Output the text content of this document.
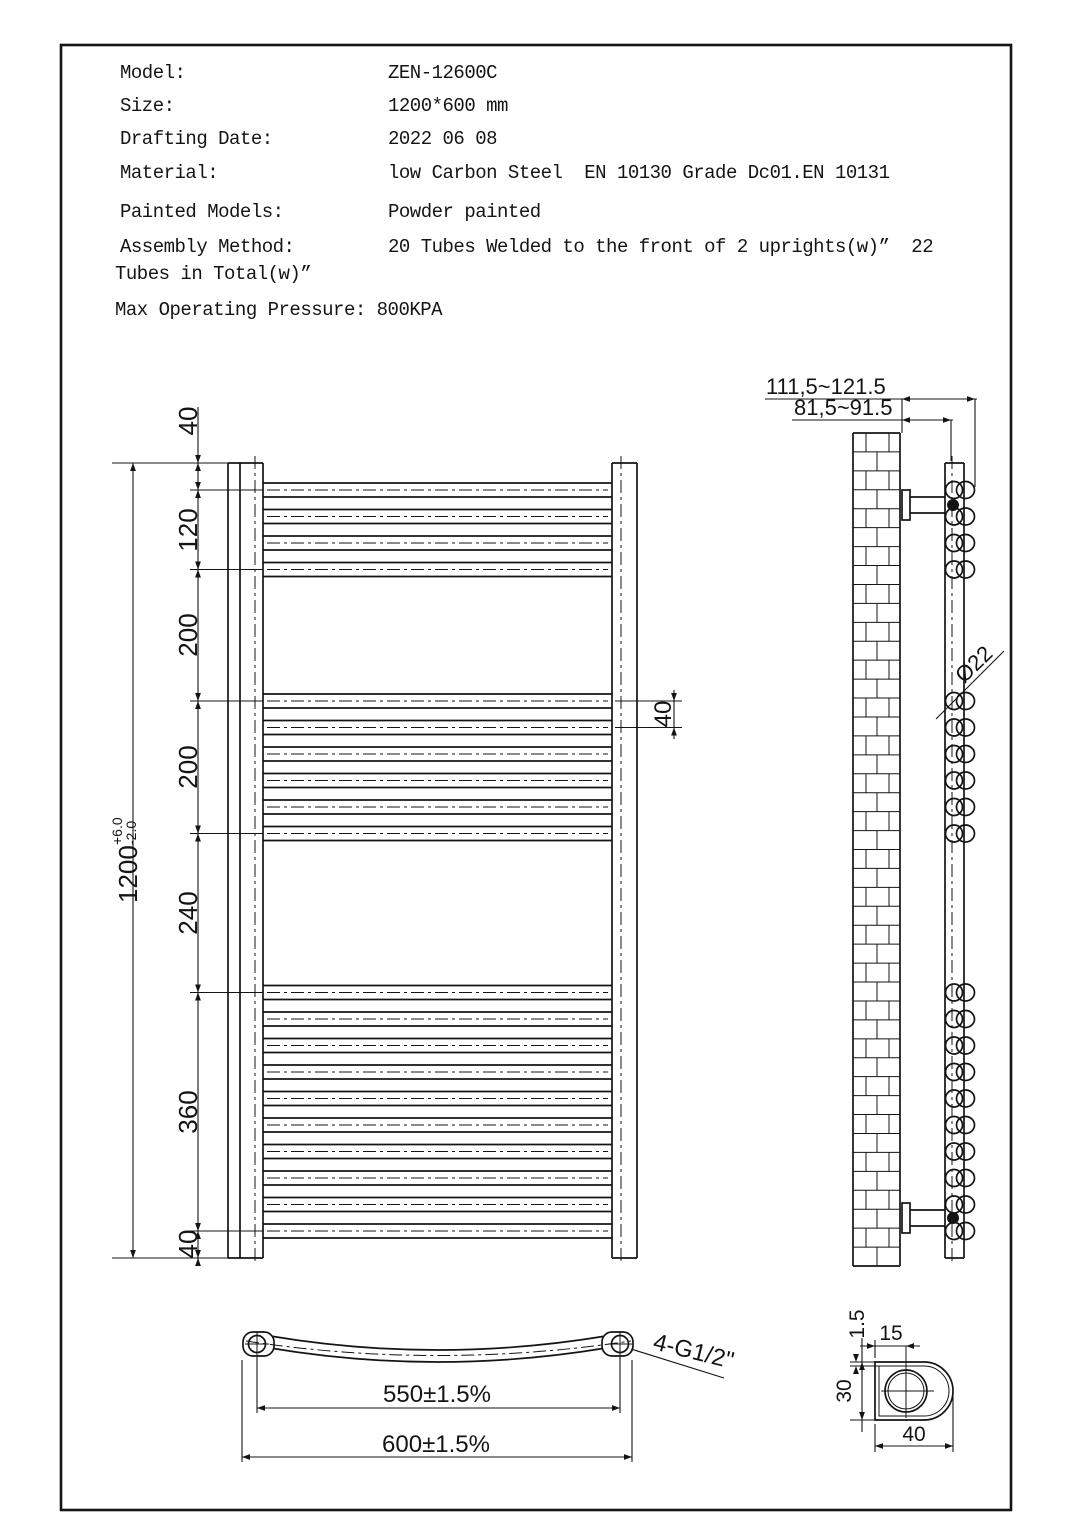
Model:	ZEN-12600C
Size:	1200*600 mm
Drafting Date:	2022 06 08
Material:	low Carbon Steel  EN 10130 Grade Dc01.EN 10131
Painted Models:	Powder painted
Assembly Method:	20 Tubes Welded to the front of 2 uprights(w)”  22
Tubes in Total(w)”
Max Operating Pressure: 800KPA
40
120
200
200
240
360
40
1200
+6.0
-2.0
40
111,5~121.5
81,5~91.5
Ø22
550±1.5%
600±1.5%
4-G1/2"
1.5 15
30
40
